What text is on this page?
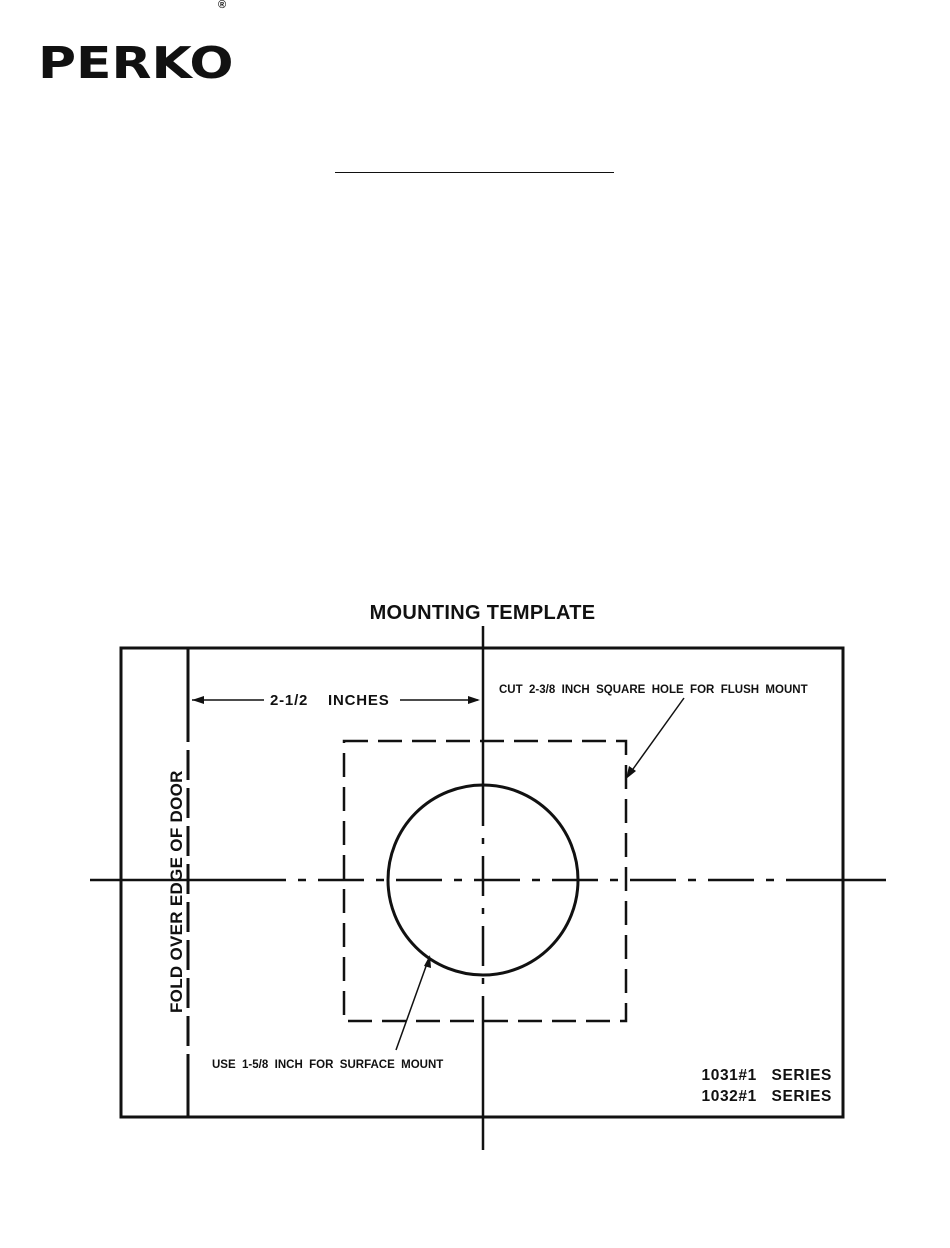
PERKO
®
MOUNTING TEMPLATE
2-1/2    INCHES
CUT  2-3/8  INCH  SQUARE  HOLE  FOR  FLUSH  MOUNT
USE  1-5/8  INCH  FOR  SURFACE  MOUNT
FOLD OVER EDGE OF DOOR
1031#1   SERIES
1032#1   SERIES
